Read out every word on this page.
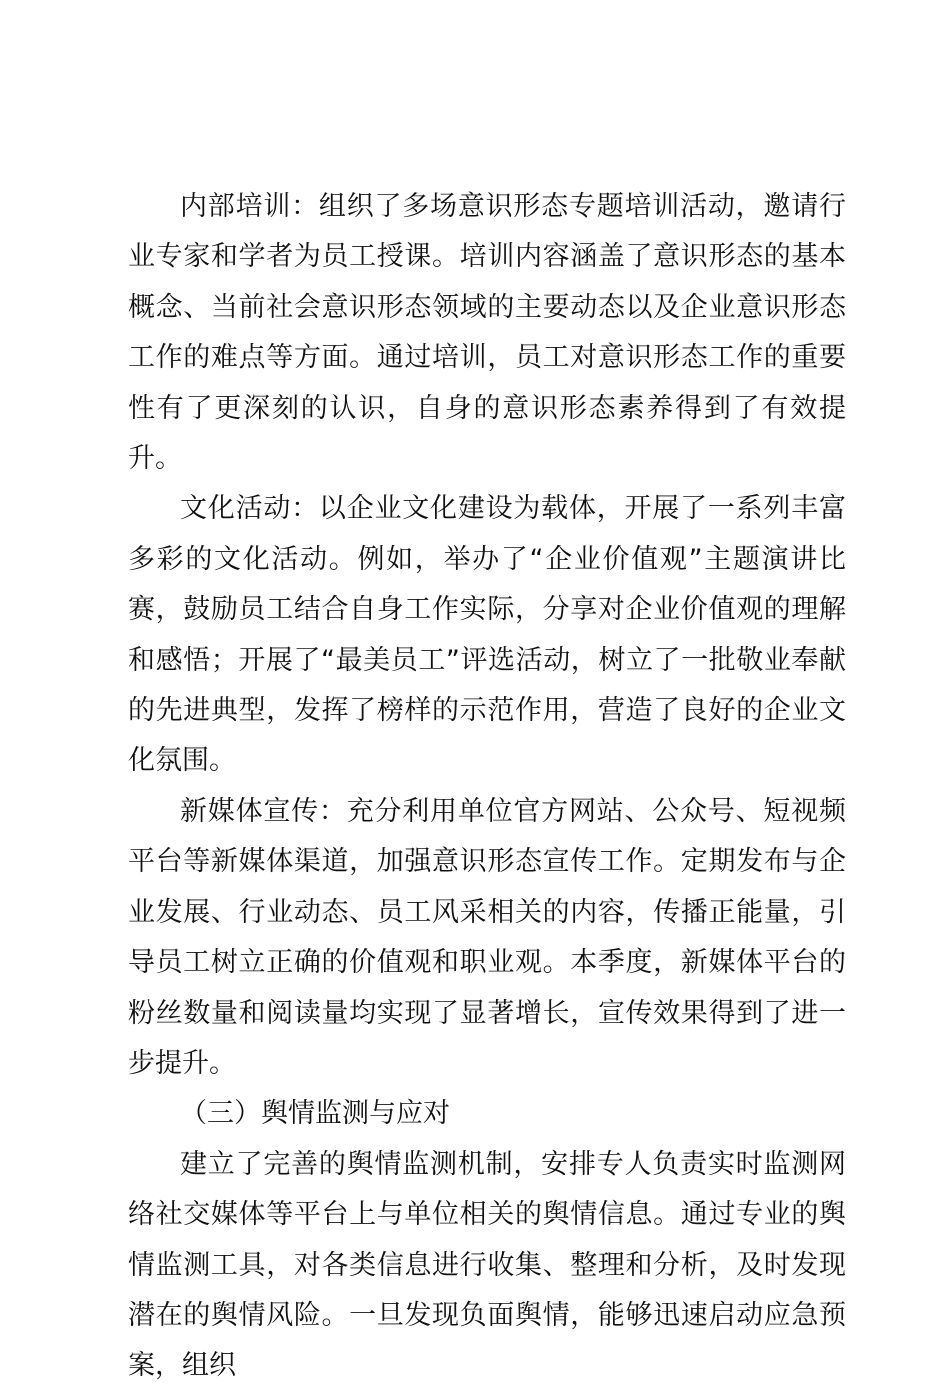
内部培训：组织了多场意识形态专题培训活动，邀请行业专家和学者为员工授课。培训内容涵盖了意识形态的基本概念、当前社会意识形态领域的主要动态以及企业意识形态工作的难点等方面。通过培训，员工对意识形态工作的重要性有了更深刻的认识，自身的意识形态素养得到了有效提升。

文化活动：以企业文化建设为载体，开展了一系列丰富多彩的文化活动。例如，举办了“企业价值观”主题演讲比赛，鼓励员工结合自身工作实际，分享对企业价值观的理解和感悟；开展了“最美员工”评选活动，树立了一批敬业奉献的先进典型，发挥了榜样的示范作用，营造了良好的企业文化氛围。

新媒体宣传：充分利用单位官方网站、公众号、短视频平台等新媒体渠道，加强意识形态宣传工作。定期发布与企业发展、行业动态、员工风采相关的内容，传播正能量，引导员工树立正确的价值观和职业观。本季度，新媒体平台的粉丝数量和阅读量均实现了显著增长，宣传效果得到了进一步提升。

（三）舆情监测与应对

建立了完善的舆情监测机制，安排专人负责实时监测网络社交媒体等平台上与单位相关的舆情信息。通过专业的舆情监测工具，对各类信息进行收集、整理和分析，及时发现潜在的舆情风险。一旦发现负面舆情，能够迅速启动应急预案，组织
